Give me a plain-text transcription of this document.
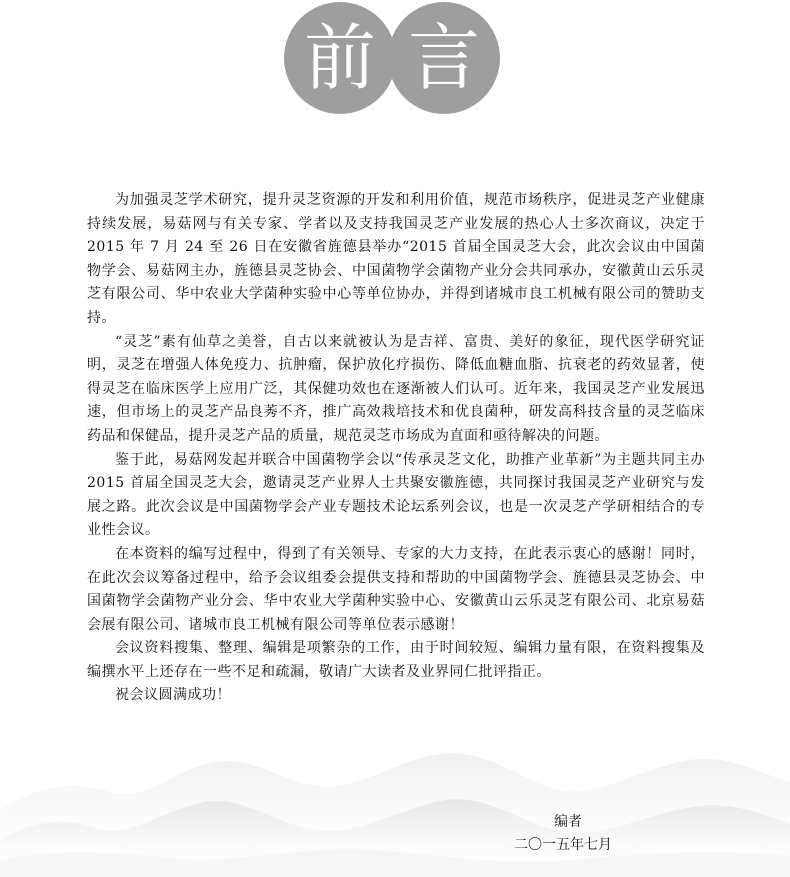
前 言

为加强灵芝学术研究，提升灵芝资源的开发和利用价值，规范市场秩序，促进灵芝产业健康持续发展，易菇网与有关专家、学者以及支持我国灵芝产业发展的热心人士多次商议，决定于 2015 年 7 月 24 至 26 日在安徽省旌德县举办“2015 首届全国灵芝大会，此次会议由中国菌物学会、易菇网主办，旌德县灵芝协会、中国菌物学会菌物产业分会共同承办，安徽黄山云乐灵芝有限公司、华中农业大学菌种实验中心等单位协办，并得到诸城市良工机械有限公司的赞助支持。

“灵芝”素有仙草之美誉，自古以来就被认为是吉祥、富贵、美好的象征，现代医学研究证明，灵芝在增强人体免疫力、抗肿瘤，保护放化疗损伤、降低血糖血脂、抗衰老的药效显著，使得灵芝在临床医学上应用广泛，其保健功效也在逐渐被人们认可。近年来，我国灵芝产业发展迅速，但市场上的灵芝产品良莠不齐，推广高效栽培技术和优良菌种，研发高科技含量的灵芝临床药品和保健品，提升灵芝产品的质量，规范灵芝市场成为直面和亟待解决的问题。

鉴于此，易菇网发起并联合中国菌物学会以“传承灵芝文化，助推产业革新”为主题共同主办 2015 首届全国灵芝大会，邀请灵芝产业界人士共聚安徽旌德，共同探讨我国灵芝产业研究与发展之路。此次会议是中国菌物学会产业专题技术论坛系列会议，也是一次灵芝产学研相结合的专业性会议。

在本资料的编写过程中，得到了有关领导、专家的大力支持，在此表示衷心的感谢！同时，在此次会议筹备过程中，给予会议组委会提供支持和帮助的中国菌物学会、旌德县灵芝协会、中国菌物学会菌物产业分会、华中农业大学菌种实验中心、安徽黄山云乐灵芝有限公司、北京易菇会展有限公司、诸城市良工机械有限公司等单位表示感谢！

会议资料搜集、整理、编辑是项繁杂的工作，由于时间较短、编辑力量有限，在资料搜集及编撰水平上还存在一些不足和疏漏，敬请广大读者及业界同仁批评指正。

祝会议圆满成功！

编者
二〇一五年七月
